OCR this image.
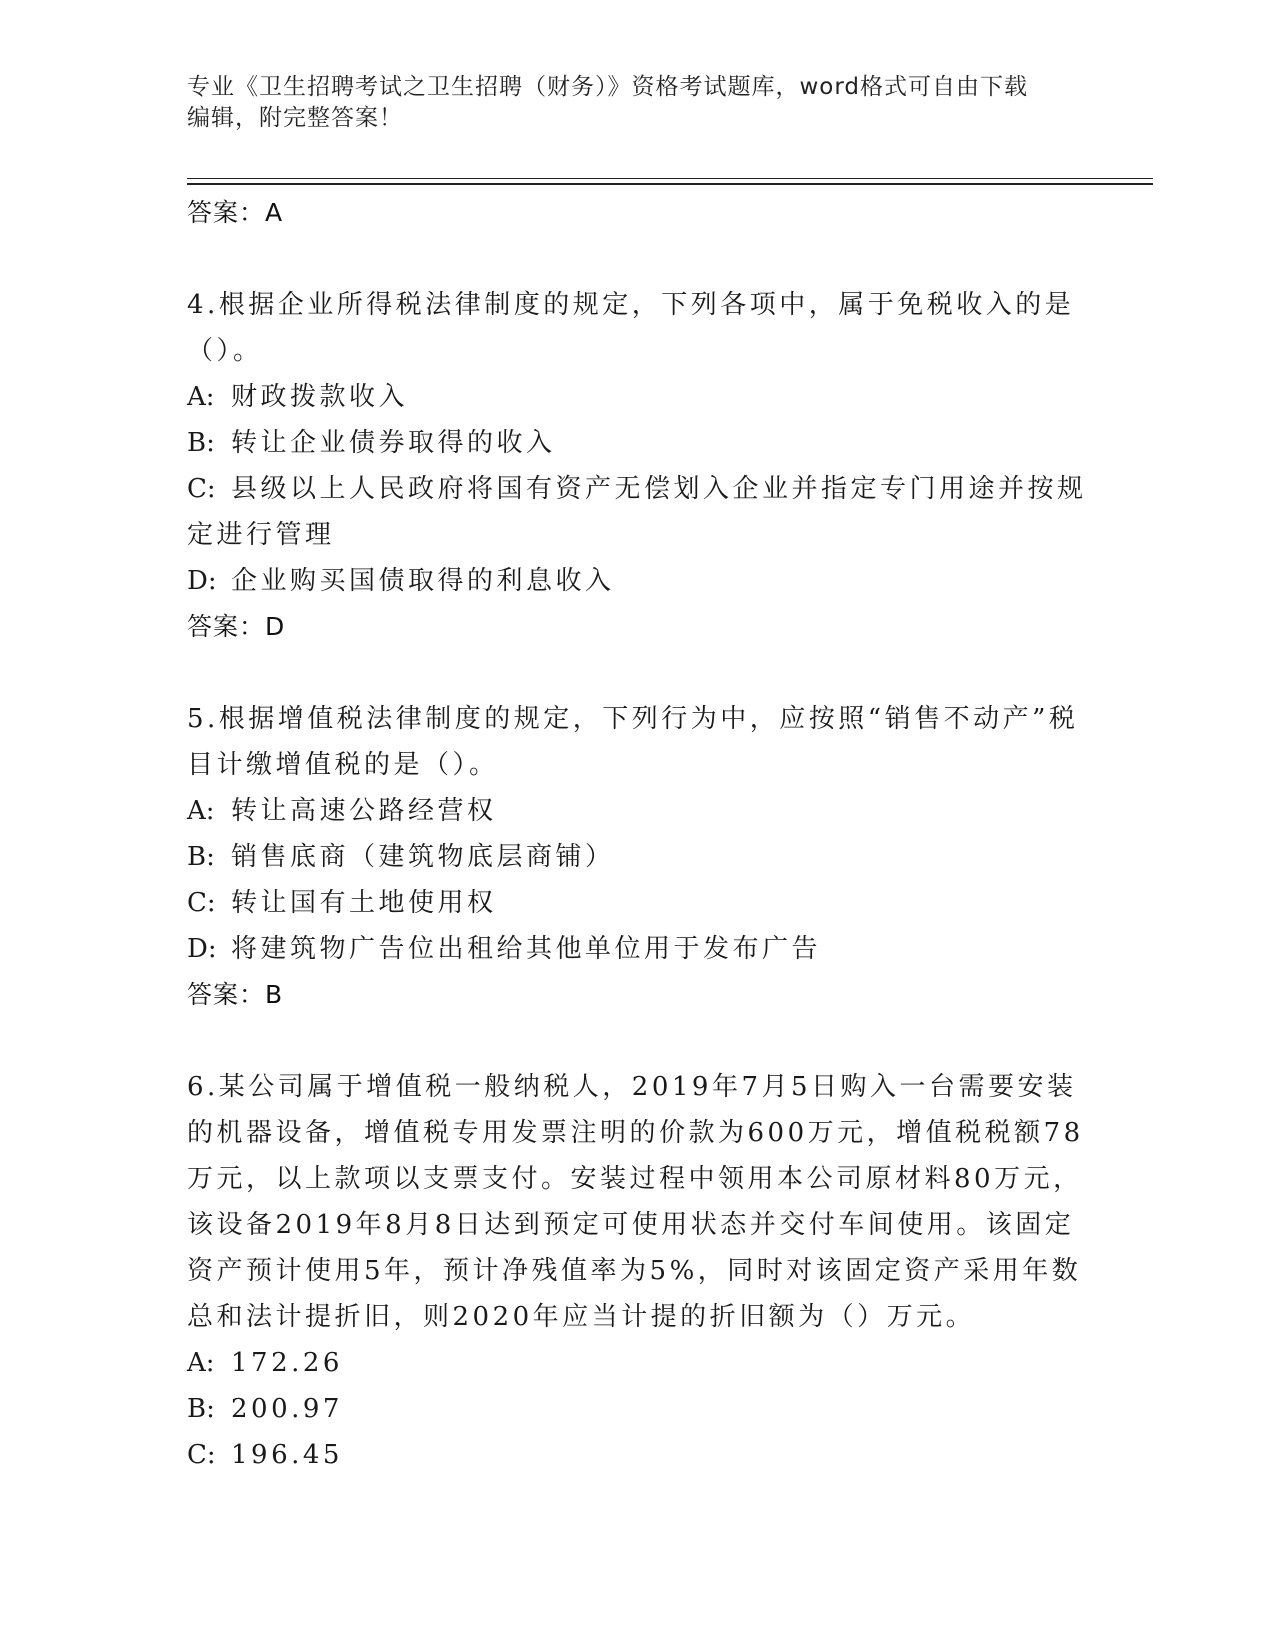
专业《卫生招聘考试之卫生招聘（财务）》资格考试题库，word格式可自由下载
编辑，附完整答案！
答案：A
4.根据企业所得税法律制度的规定，下列各项中，属于免税收入的是（）。
A: 财政拨款收入
B: 转让企业债券取得的收入
C: 县级以上人民政府将国有资产无偿划入企业并指定专门用途并按规定进行管理
D: 企业购买国债取得的利息收入
答案：D
5.根据增值税法律制度的规定，下列行为中，应按照“销售不动产”税目计缴增值税的是（）。
A: 转让高速公路经营权
B: 销售底商（建筑物底层商铺）
C: 转让国有土地使用权
D: 将建筑物广告位出租给其他单位用于发布广告
答案：B
6.某公司属于增值税一般纳税人，2019年7月5日购入一台需要安装的机器设备，增值税专用发票注明的价款为600万元，增值税税额78万元，以上款项以支票支付。安装过程中领用本公司原材料80万元，该设备2019年8月8日达到预定可使用状态并交付车间使用。该固定资产预计使用5年，预计净残值率为5%，同时对该固定资产采用年数总和法计提折旧，则2020年应当计提的折旧额为（）万元。
A: 172.26
B: 200.97
C: 196.45
